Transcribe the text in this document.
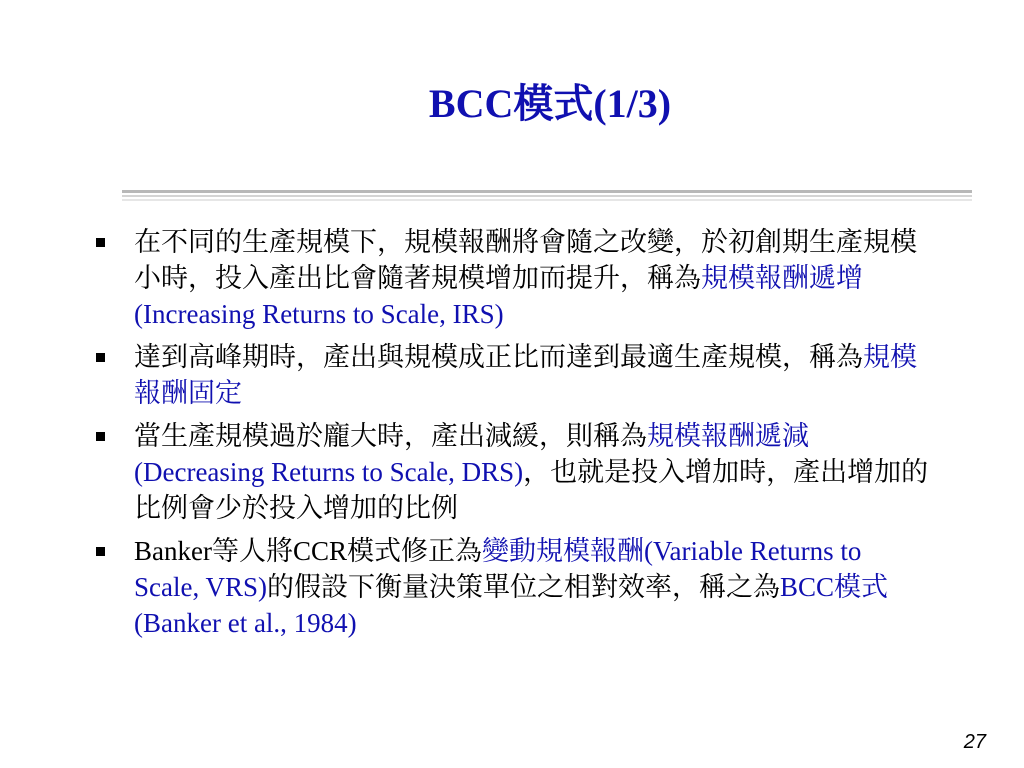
BCC模式(1/3)
在不同的生產規模下，規模報酬將會隨之改變，於初創期生產規模小時，投入產出比會隨著規模增加而提升，稱為規模報酬遞增(Increasing Returns to Scale, IRS)
達到高峰期時，產出與規模成正比而達到最適生產規模，稱為規模報酬固定
當生產規模過於龐大時，產出減緩，則稱為規模報酬遞減(Decreasing Returns to Scale, DRS)，也就是投入增加時，產出增加的比例會少於投入增加的比例
Banker等人將CCR模式修正為變動規模報酬(Variable Returns to Scale, VRS)的假設下衡量決策單位之相對效率，稱之為BCC模式(Banker et al., 1984)
27
